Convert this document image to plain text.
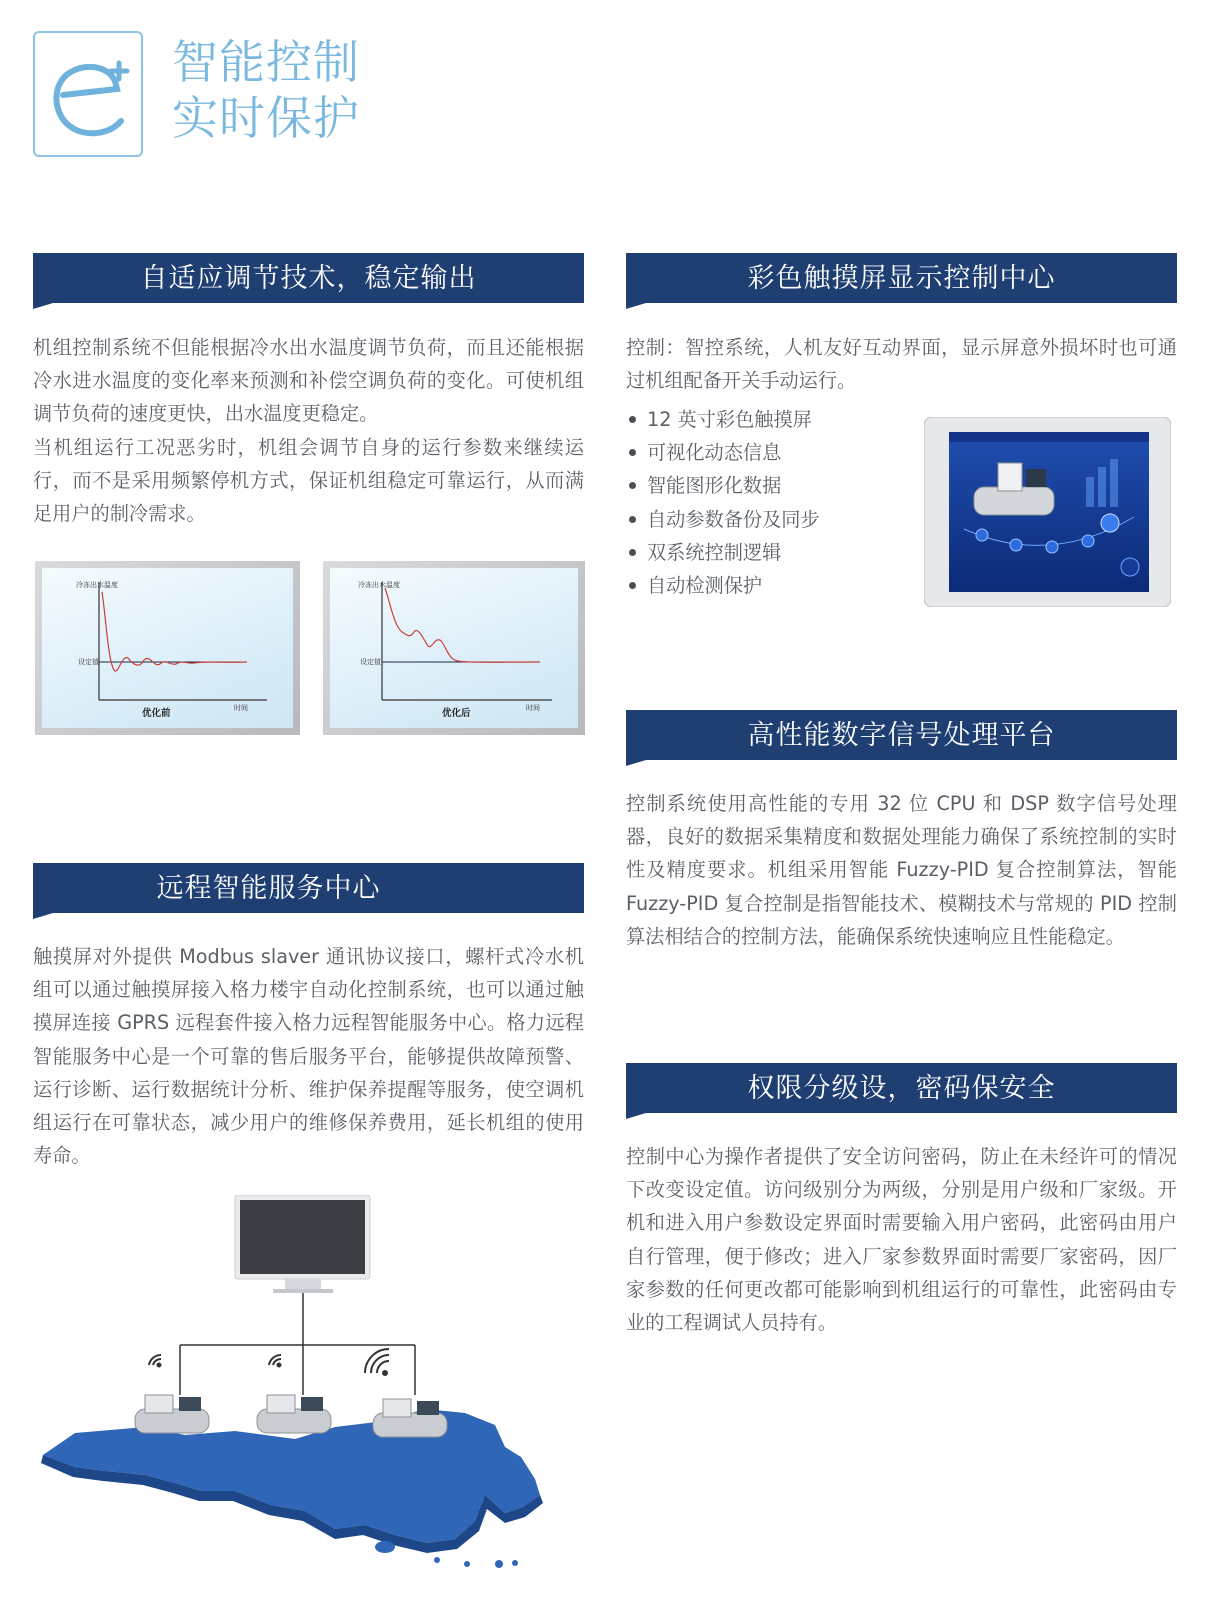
智能控制
实时保护
自适应调节技术，稳定输出

机组控制系统不但能根据冷水出水温度调节负荷，而且还能根据冷水进水温度的变化率来预测和补偿空调负荷的变化。可使机组调节负荷的速度更快，出水温度更稳定。

当机组运行工况恶劣时，机组会调节自身的运行参数来继续运行，而不是采用频繁停机方式，保证机组稳定可靠运行，从而满足用户的制冷需求。

冷冻出水温度
设定值
优化前	时间
冷冻出水温度
设定值
优化后	时间
远程智能服务中心

触摸屏对外提供 Modbus slaver 通讯协议接口，螺杆式冷水机组可以通过触摸屏接入格力楼宇自动化控制系统，也可以通过触摸屏连接 GPRS 远程套件接入格力远程智能服务中心。格力远程智能服务中心是一个可靠的售后服务平台，能够提供故障预警、运行诊断、运行数据统计分析、维护保养提醒等服务，使空调机组运行在可靠状态，减少用户的维修保养费用，延长机组的使用寿命。

彩色触摸屏显示控制中心
控制：智控系统，人机友好互动界面，显示屏意外损坏时也可通过机组配备开关手动运行。
12 英寸彩色触摸屏
可视化动态信息
智能图形化数据
自动参数备份及同步
双系统控制逻辑
自动检测保护
高性能数字信号处理平台
控制系统使用高性能的专用 32 位 CPU 和 DSP 数字信号处理器，良好的数据采集精度和数据处理能力确保了系统控制的实时性及精度要求。机组采用智能 Fuzzy-PID 复合控制算法，智能 Fuzzy-PID 复合控制是指智能技术、模糊技术与常规的 PID 控制算法相结合的控制方法，能确保系统快速响应且性能稳定。
权限分级设，密码保安全
控制中心为操作者提供了安全访问密码，防止在未经许可的情况下改变设定值。访问级别分为两级，分别是用户级和厂家级。开机和进入用户参数设定界面时需要输入用户密码，此密码由用户自行管理，便于修改；进入厂家参数界面时需要厂家密码，因厂家参数的任何更改都可能影响到机组运行的可靠性，此密码由专业的工程调试人员持有。
